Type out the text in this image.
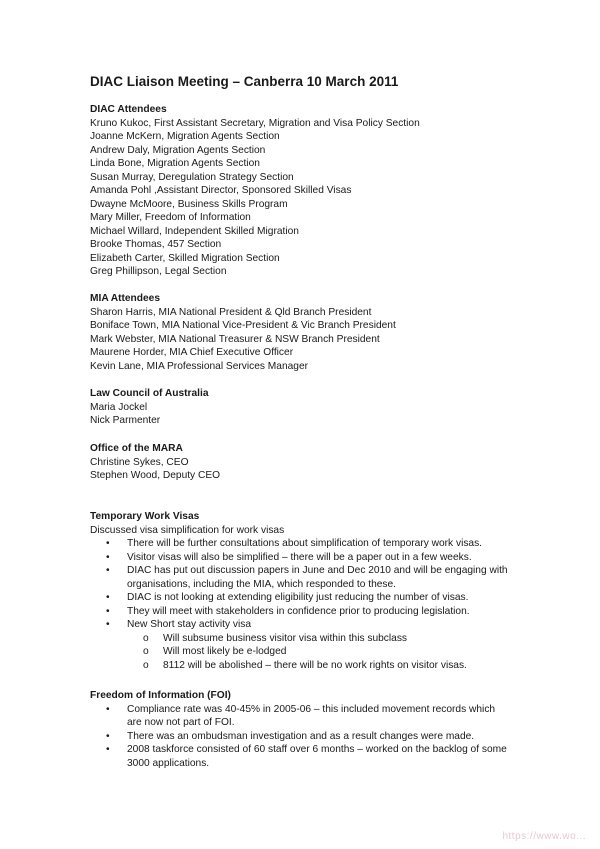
DIAC Liaison Meeting – Canberra 10 March 2011

DIAC Attendees

Kruno Kukoc, First Assistant Secretary, Migration and Visa Policy Section

Joanne McKern, Migration Agents Section

Andrew Daly, Migration Agents Section

Linda Bone, Migration Agents Section

Susan Murray, Deregulation Strategy Section

Amanda Pohl ,Assistant Director, Sponsored Skilled Visas

Dwayne McMoore, Business Skills Program

Mary Miller, Freedom of Information

Michael Willard, Independent Skilled Migration

Brooke Thomas, 457 Section

Elizabeth Carter, Skilled Migration Section

Greg Phillipson, Legal Section

MIA Attendees

Sharon Harris, MIA National President & Qld Branch President

Boniface Town, MIA National Vice-President & Vic Branch President

Mark Webster, MIA National Treasurer & NSW Branch President

Maurene Horder, MIA Chief Executive Officer

Kevin Lane, MIA Professional Services Manager

Law Council of Australia

Maria Jockel

Nick Parmenter

Office of the MARA

Christine Sykes, CEO

Stephen Wood, Deputy CEO

Temporary Work Visas

Discussed visa simplification for work visas

• There will be further consultations about simplification of temporary work visas.
• Visitor visas will also be simplified – there will be a paper out in a few weeks.
• DIAC has put out discussion papers in June and Dec 2010 and will be engaging with organisations, including the MIA, which responded to these.
• DIAC is not looking at extending eligibility just reducing the number of visas.
• They will meet with stakeholders in confidence prior to producing legislation.
• New Short stay activity visa
o Will subsume business visitor visa within this subclass
o Will most likely be e-lodged
o 8112 will be abolished – there will be no work rights on visitor visas.

Freedom of Information (FOI)

• Compliance rate was 40-45% in 2005-06 – this included movement records which are now not part of FOI.
• There was an ombudsman investigation and as a result changes were made.
• 2008 taskforce consisted of 60 staff over 6 months – worked on the backlog of some 3000 applications.
https://www.wo...
